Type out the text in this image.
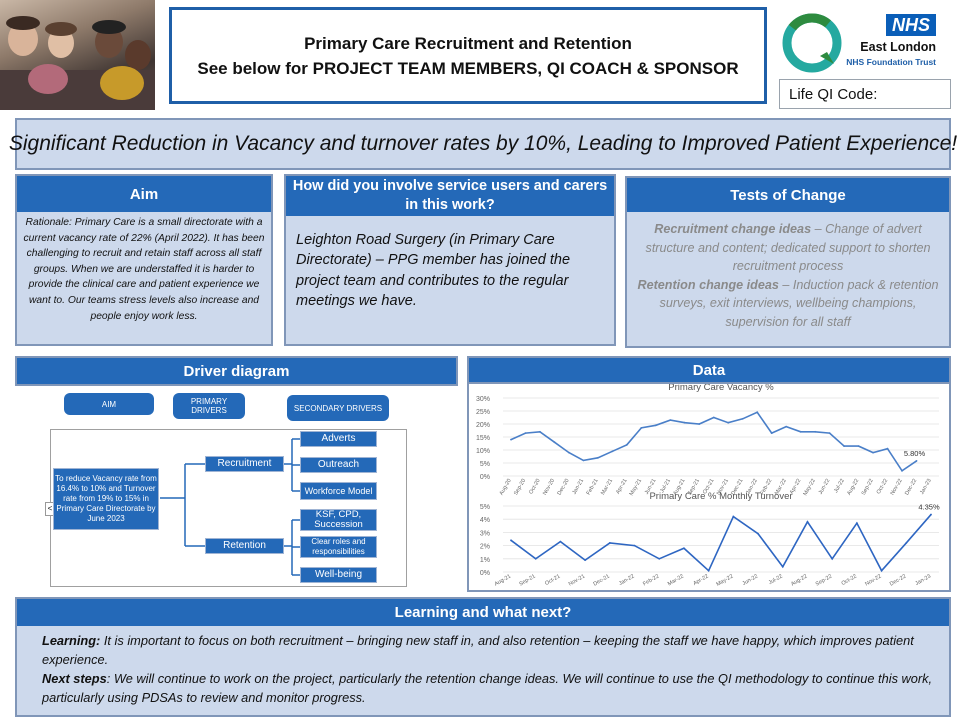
Primary Care Recruitment and Retention
See below for PROJECT TEAM MEMBERS, QI COACH & SPONSOR
NHS
East London
NHS Foundation Trust
Life QI Code:
Significant Reduction in Vacancy and turnover rates by 10%, Leading to Improved Patient Experience!
Aim
Rationale: Primary Care is a small directorate with a current vacancy rate of 22% (April 2022). It has been challenging to recruit and retain staff across all staff groups. When we are understaffed it is harder to provide the clinical care and patient experience we want to. Our teams stress levels also increase and people enjoy work less.
How did you involve service users and carers in this work?
Leighton Road Surgery (in Primary Care Directorate) – PPG member has joined the project team and contributes to the regular meetings we have.
Tests of Change
Recruitment change ideas – Change of advert structure and content; dedicated support to shorten recruitment process
Retention change ideas – Induction pack & retention surveys, exit interviews, wellbeing champions, supervision for all staff
Driver diagram
AIM	PRIMARY DRIVERS	SECONDARY DRIVERS
<
To reduce Vacancy rate from 16.4% to 10% and Turnover rate from 19% to 15% in Primary Care Directorate by June 2023
Recruitment
Retention
Adverts
Outreach
Workforce Model
KSF, CPD, Succession
Clear roles and responsibilities
Well-being
Data
Primary Care Vacancy %
0%
5%
10%
15%
20%
25%
30%
Aug-20 Sep-20 Oct-20 Nov-20 Dec-20 Jan-21 Feb-21 Mar-21 Apr-21 May-21 Jun-21 Jul-21 Aug-21 Sep-21 Oct-21 Nov-21 Dec-21 Jan-22 Feb-22 Mar-22 Apr-22 May-22 Jun-22 Jul-22 Aug-22 Sep-22 Oct-22 Nov-22 Dec-22 Jan-23
5.80%
Primary Care % Monthly Turnover
0%
1%
2%
3%
4%
5%
Aug-21 Sep-21 Oct-21 Nov-21 Dec-21 Jan-22 Feb-22 Mar-22 Apr-22 May-22 Jun-22 Jul-22 Aug-22 Sep-22 Oct-22 Nov-22 Dec-22 Jan-23
4.35%
Learning and what next?
Learning: It is important to focus on both recruitment – bringing new staff in, and also retention – keeping the staff we have happy, which improves patient experience.
Next steps: We will continue to work on the project, particularly the retention change ideas. We will continue to use the QI methodology to continue this work, particularly using PDSAs to review and monitor progress.
